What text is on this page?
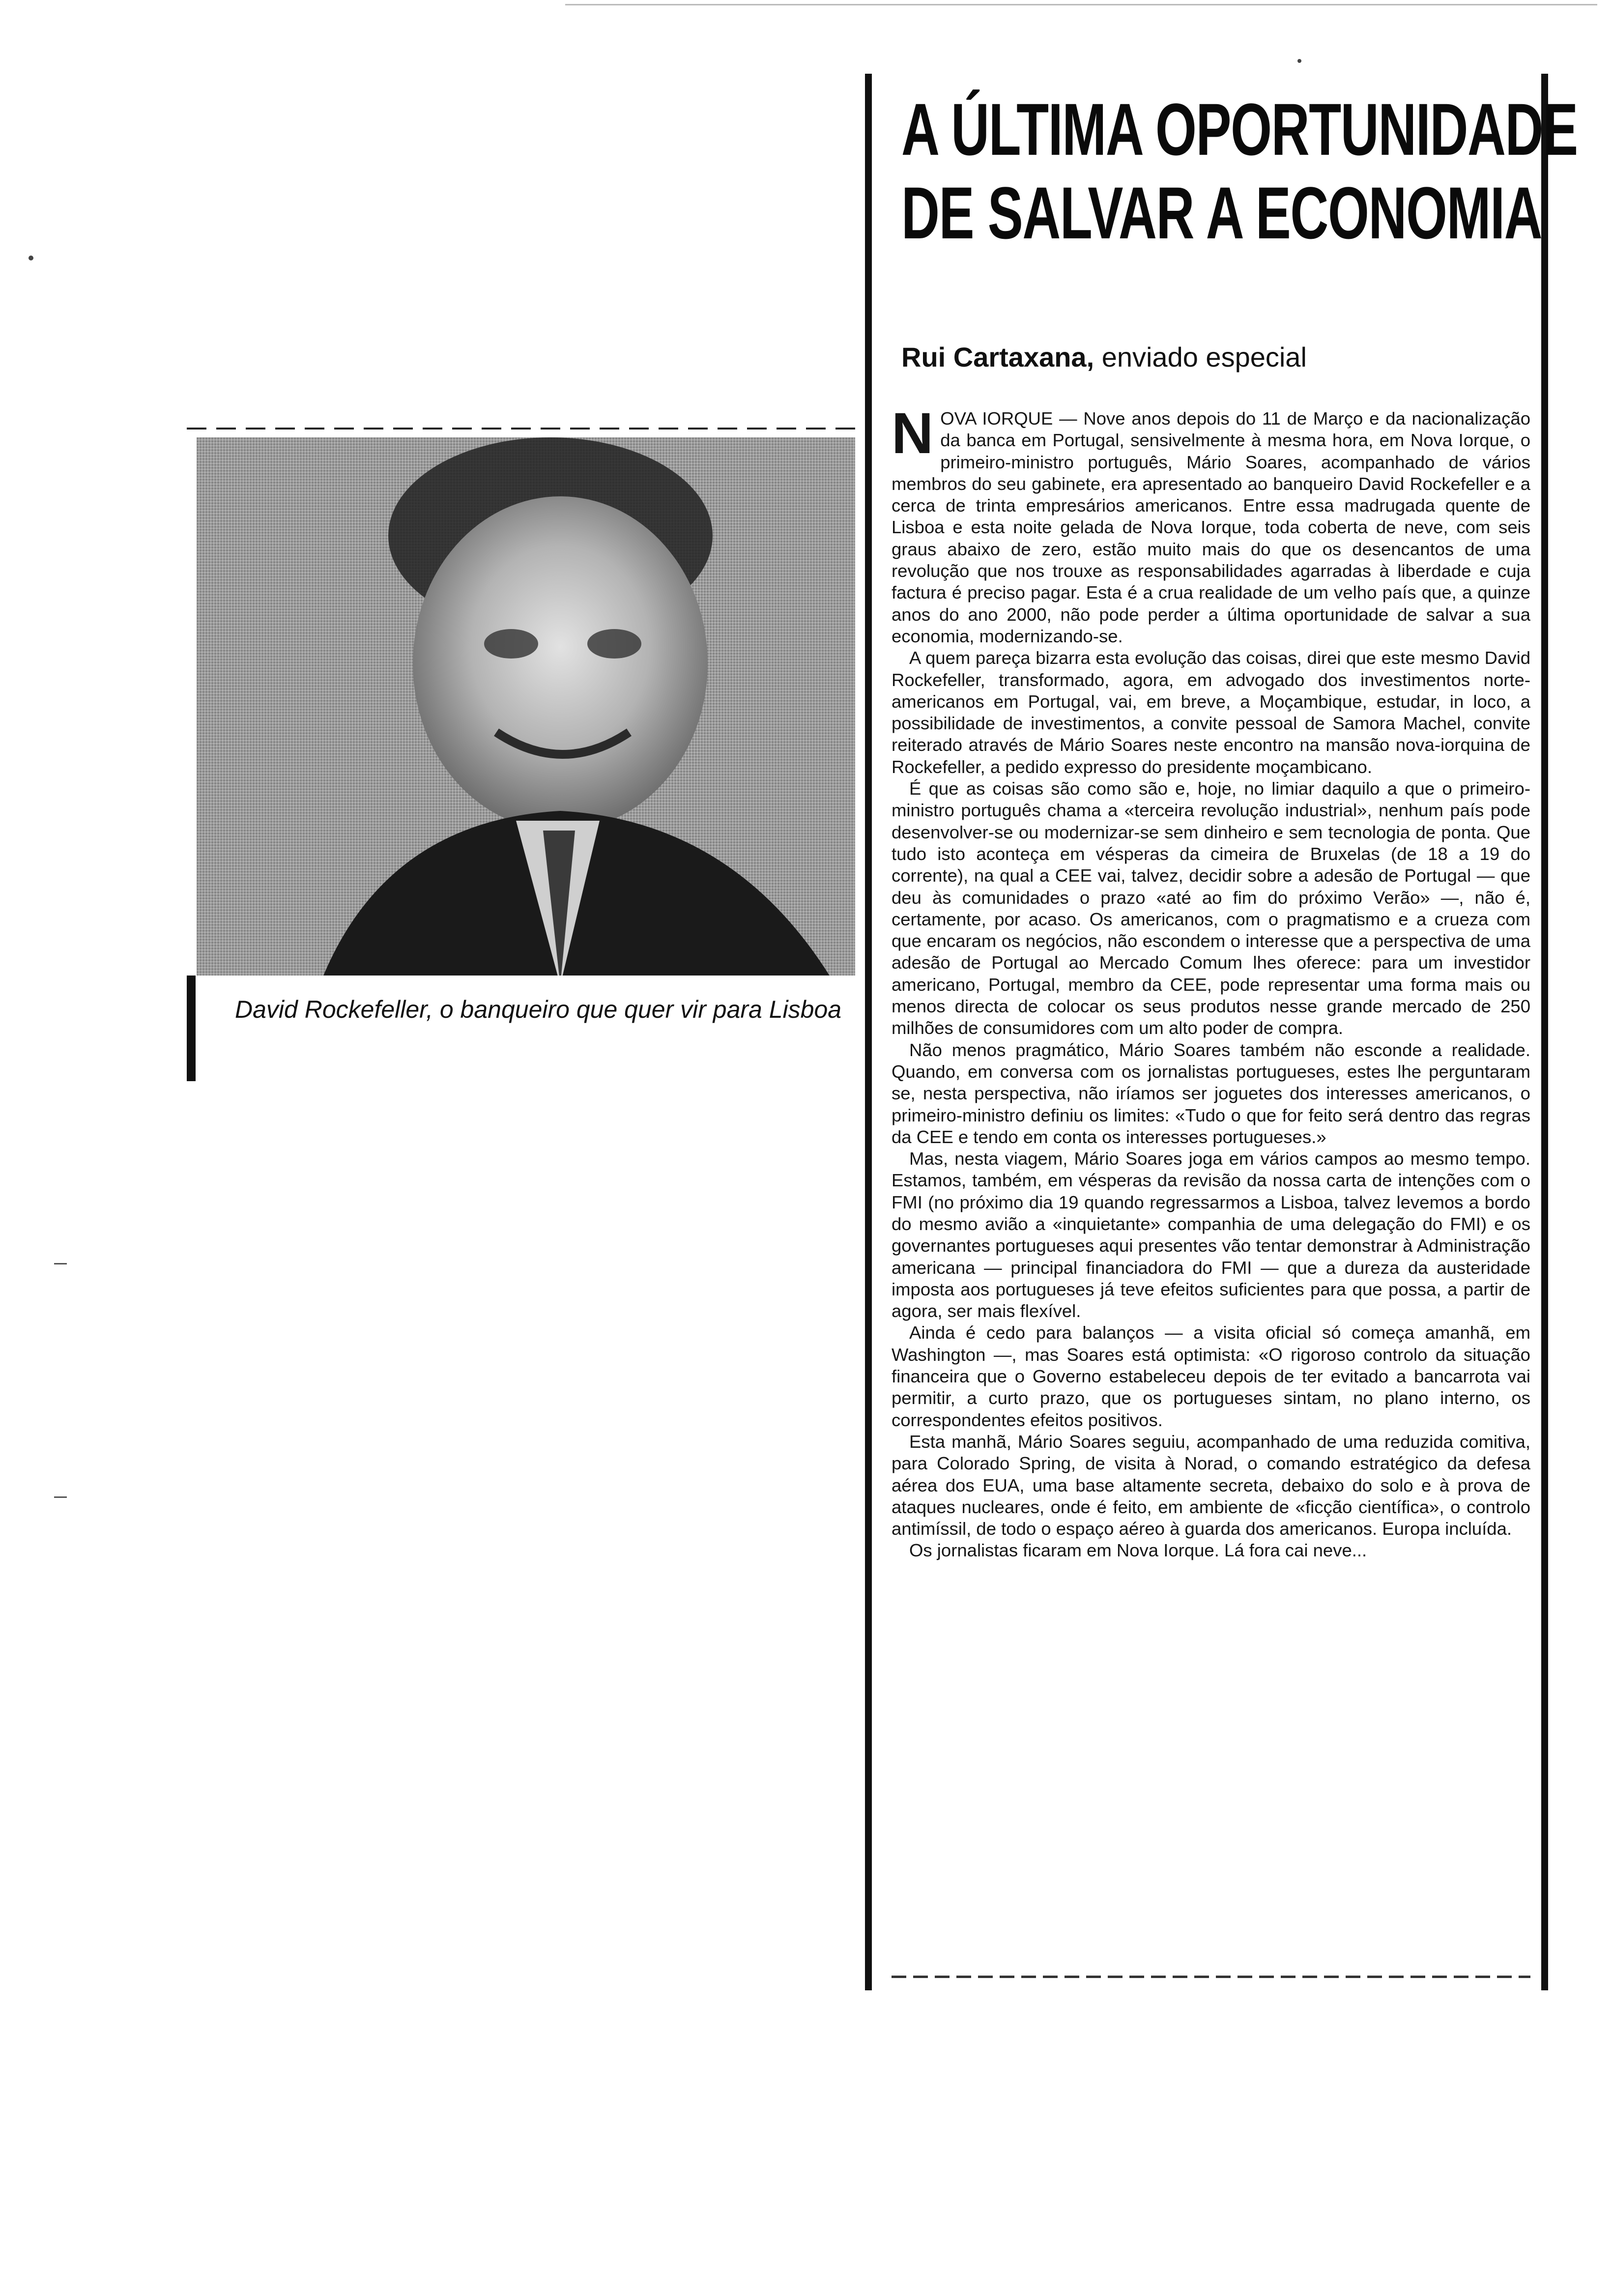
David Rockefeller, o banqueiro que quer vir para Lisboa
A ÚLTIMA OPORTUNIDADE
DE SALVAR A ECONOMIA
Rui Cartaxana, enviado especial

NOVA IORQUE — Nove anos depois do 11 de Março e da nacionalização da banca em Portugal, sensivelmente à mesma hora, em Nova Iorque, o primeiro-ministro português, Mário Soares, acompanhado de vários membros do seu gabinete, era apresentado ao banqueiro David Rockefeller e a cerca de trinta empresários americanos. Entre essa madrugada quente de Lisboa e esta noite gelada de Nova Iorque, toda coberta de neve, com seis graus abaixo de zero, estão muito mais do que os desencantos de uma revolução que nos trouxe as responsabilidades agarradas à liberdade e cuja factura é preciso pagar. Esta é a crua realidade de um velho país que, a quinze anos do ano 2000, não pode perder a última oportunidade de salvar a sua economia, modernizando-se.

A quem pareça bizarra esta evolução das coisas, direi que este mesmo David Rockefeller, transformado, agora, em advogado dos investimentos norte-americanos em Portugal, vai, em breve, a Moçambique, estudar, in loco, a possibilidade de investimentos, a convite pessoal de Samora Machel, convite reiterado através de Mário Soares neste encontro na mansão nova-iorquina de Rockefeller, a pedido expresso do presidente moçambicano.

É que as coisas são como são e, hoje, no limiar daquilo a que o primeiro-ministro português chama a «terceira revolução industrial», nenhum país pode desenvolver-se ou modernizar-se sem dinheiro e sem tecnologia de ponta. Que tudo isto aconteça em vésperas da cimeira de Bruxelas (de 18 a 19 do corrente), na qual a CEE vai, talvez, decidir sobre a adesão de Portugal — que deu às comunidades o prazo «até ao fim do próximo Verão» —, não é, certamente, por acaso. Os americanos, com o pragmatismo e a crueza com que encaram os negócios, não escondem o interesse que a perspectiva de uma adesão de Portugal ao Mercado Comum lhes oferece: para um investidor americano, Portugal, membro da CEE, pode representar uma forma mais ou menos directa de colocar os seus produtos nesse grande mercado de 250 milhões de consumidores com um alto poder de compra.

Não menos pragmático, Mário Soares também não esconde a realidade. Quando, em conversa com os jornalistas portugueses, estes lhe perguntaram se, nesta perspectiva, não iríamos ser joguetes dos interesses americanos, o primeiro-ministro definiu os limites: «Tudo o que for feito será dentro das regras da CEE e tendo em conta os interesses portugueses.»

Mas, nesta viagem, Mário Soares joga em vários campos ao mesmo tempo. Estamos, também, em vésperas da revisão da nossa carta de intenções com o FMI (no próximo dia 19 quando regressarmos a Lisboa, talvez levemos a bordo do mesmo avião a «inquietante» companhia de uma delegação do FMI) e os governantes portugueses aqui presentes vão tentar demonstrar à Administração americana — principal financiadora do FMI — que a dureza da austeridade imposta aos portugueses já teve efeitos suficientes para que possa, a partir de agora, ser mais flexível.

Ainda é cedo para balanços — a visita oficial só começa amanhã, em Washington —, mas Soares está optimista: «O rigoroso controlo da situação financeira que o Governo estabeleceu depois de ter evitado a bancarrota vai permitir, a curto prazo, que os portugueses sintam, no plano interno, os correspondentes efeitos positivos.

Esta manhã, Mário Soares seguiu, acompanhado de uma reduzida comitiva, para Colorado Spring, de visita à Norad, o comando estratégico da defesa aérea dos EUA, uma base altamente secreta, debaixo do solo e à prova de ataques nucleares, onde é feito, em ambiente de «ficção científica», o controlo antimíssil, de todo o espaço aéreo à guarda dos americanos. Europa incluída.

Os jornalistas ficaram em Nova Iorque. Lá fora cai neve...
